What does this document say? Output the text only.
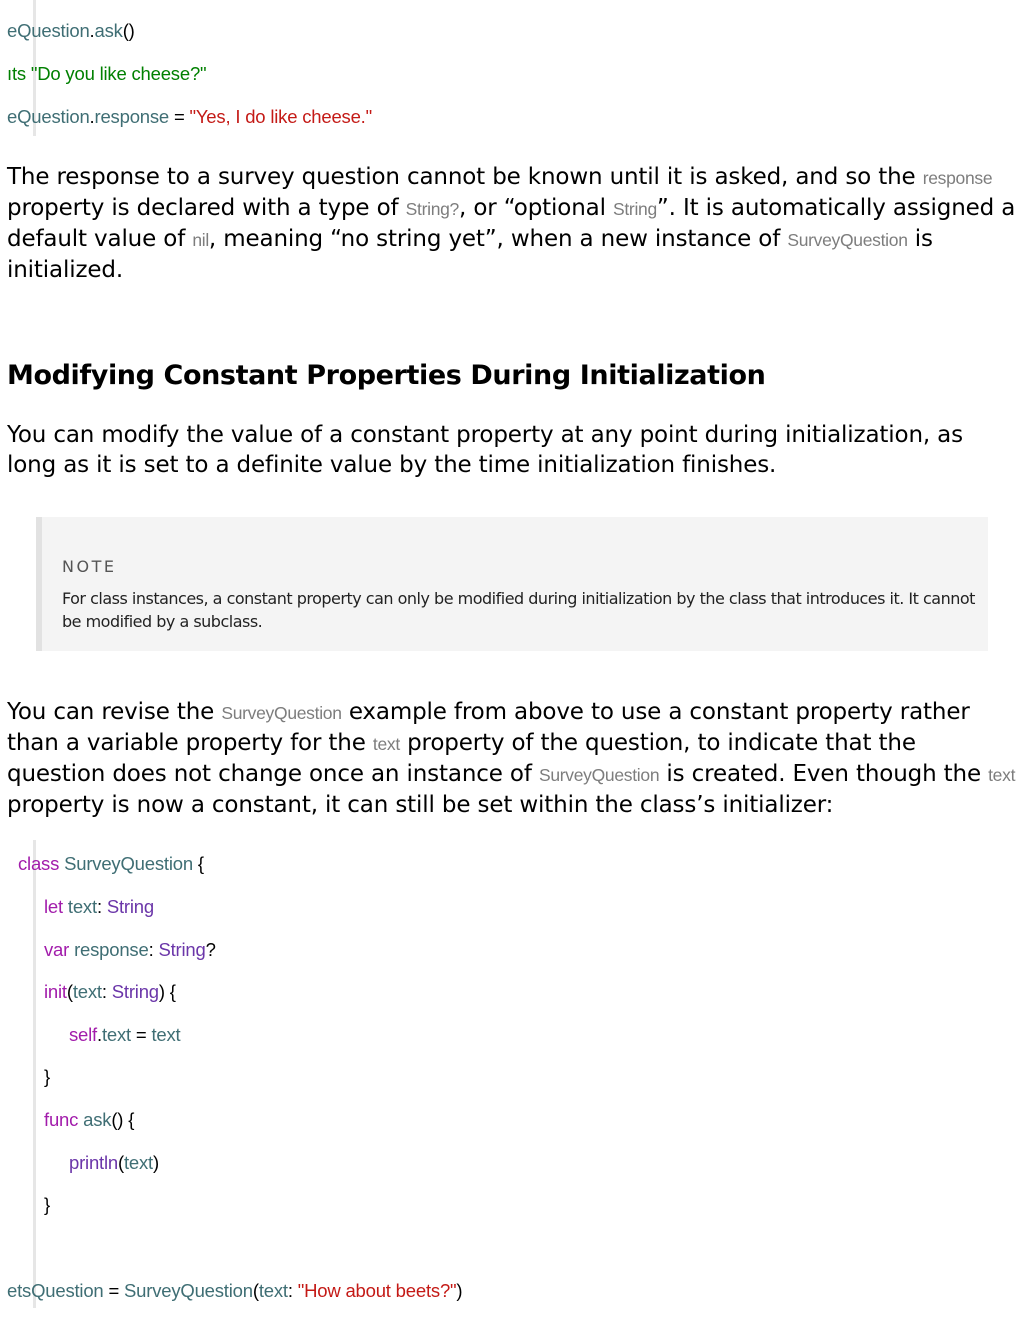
eQuestion.ask()
ıts "Do you like cheese?"
eQuestion.response = "Yes, I do like cheese."

The response to a survey question cannot be known until it is asked, and so the response property is declared with a type of String?, or “optional String”. It is automatically assigned a default value of nil, meaning “no string yet”, when a new instance of SurveyQuestion is initialized.

Modifying Constant Properties During Initialization

You can modify the value of a constant property at any point during initialization, as long as it is set to a definite value by the time initialization finishes.

NOTE

For class instances, a constant property can only be modified during initialization by the class that introduces it. It cannot be modified by a subclass.

You can revise the SurveyQuestion example from above to use a constant property rather than a variable property for the text property of the question, to indicate that the question does not change once an instance of SurveyQuestion is created. Even though the text property is now a constant, it can still be set within the class’s initializer:

class SurveyQuestion {
let text: String
var response: String?
init(text: String) {
self.text = text
}
func ask() {
println(text)
}
etsQuestion = SurveyQuestion(text: "How about beets?")
